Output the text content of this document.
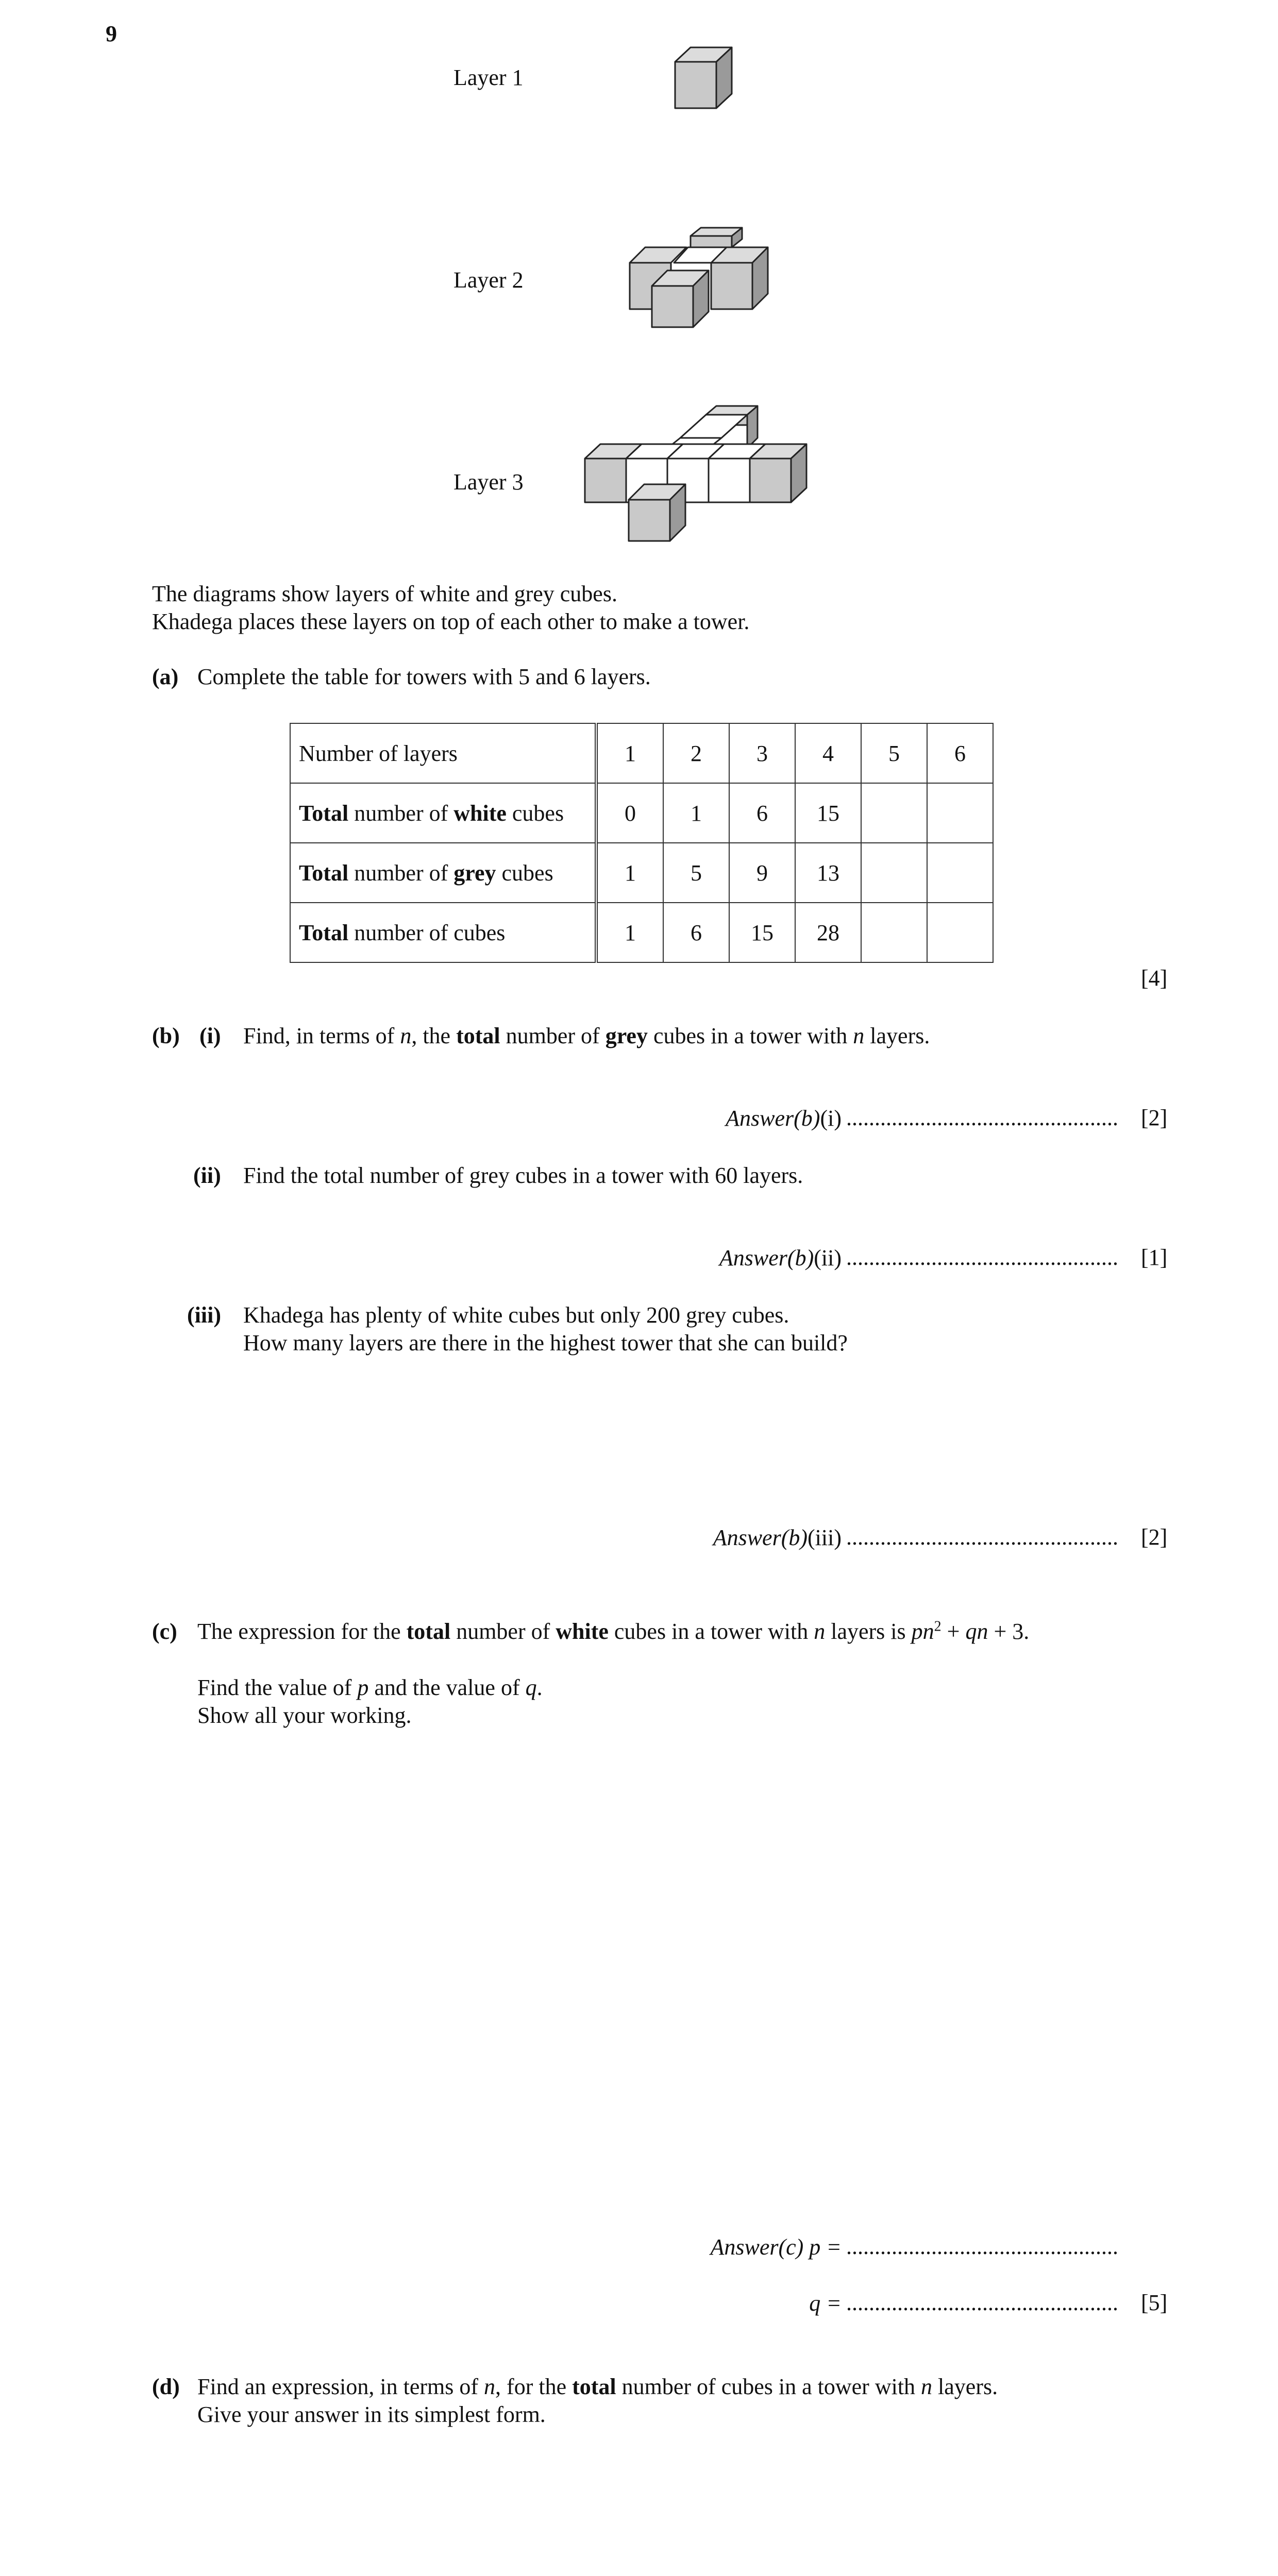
9
Layer 1
Layer 2
Layer 3
The diagrams show layers of white and grey cubes.
Khadega places these layers on top of each other to make a tower.
(a) Complete the table for towers with 5 and 6 layers.
Number of layers	1	2	3	4	5	6
Total number of white cubes	0	1	6	15		
Total number of grey cubes	1	5	9	13		
Total number of cubes	1	6	15	28		
[4]
(b) (i) Find, in terms of n, the total number of grey cubes in a tower with n layers.
Answer(b)(i) ................................................ [2]
(ii) Find the total number of grey cubes in a tower with 60 layers.
Answer(b)(ii) ................................................ [1]
(iii) Khadega has plenty of white cubes but only 200 grey cubes.
How many layers are there in the highest tower that she can build?
Answer(b)(iii) ................................................ [2]
(c) The expression for the total number of white cubes in a tower with n layers is $pn^2$ + qn + 3.
Find the value of p and the value of q.
Show all your working.
Answer(c) p = ................................................
q = ................................................ [5]
(d) Find an expression, in terms of n, for the total number of cubes in a tower with n layers.
Give your answer in its simplest form.
